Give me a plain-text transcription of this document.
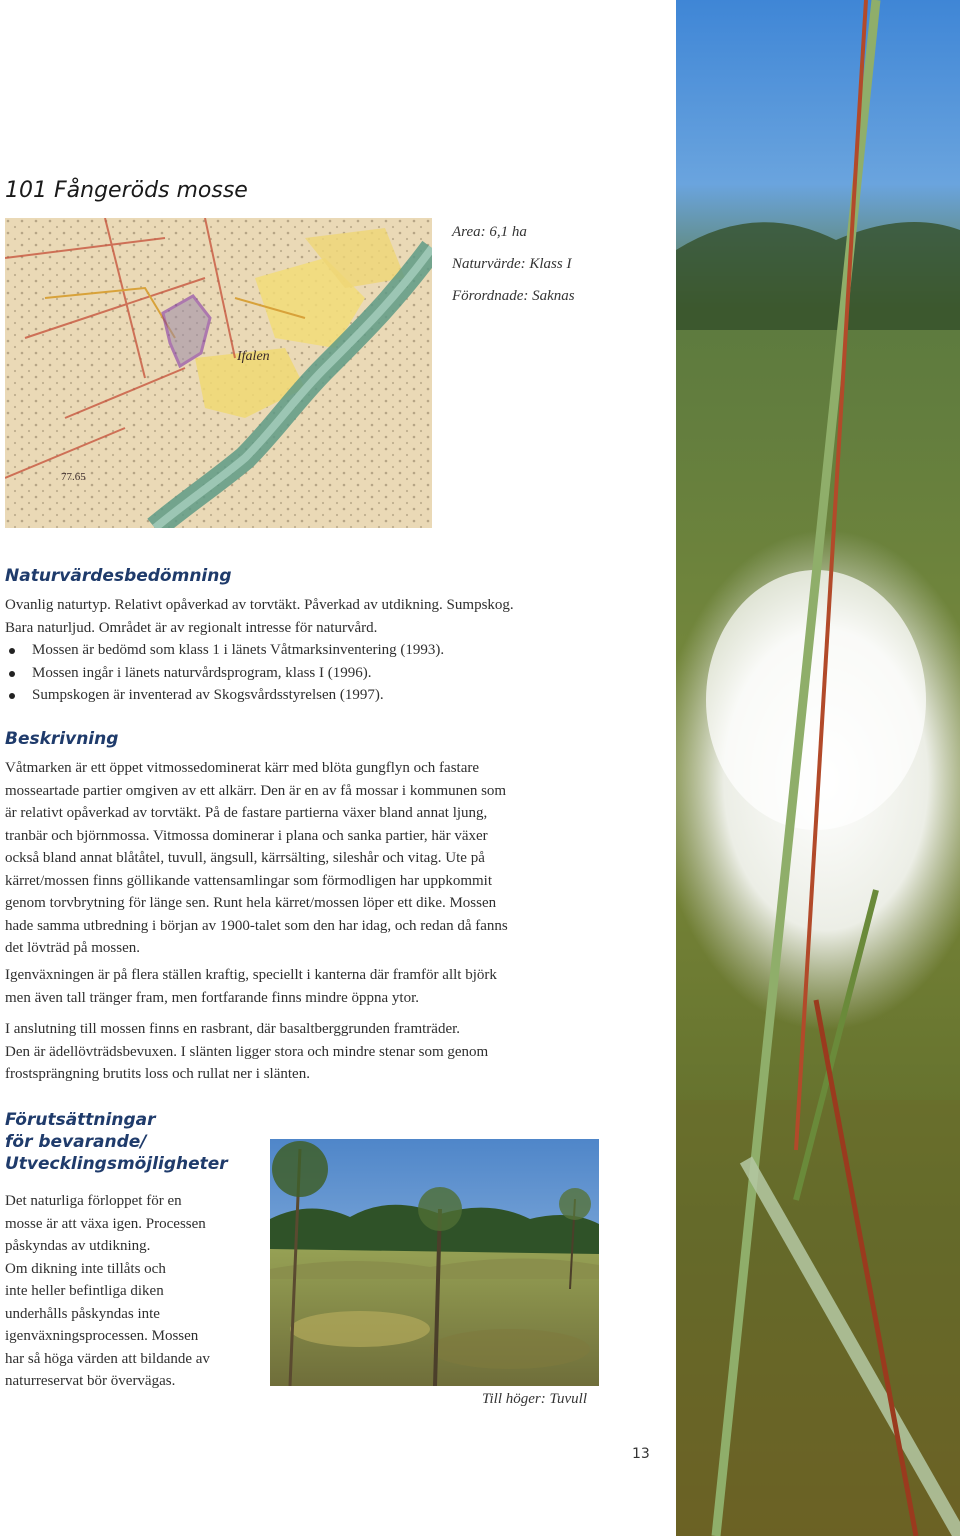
101 Fångeröds mosse
Area: 6,1 ha
Naturvärde: Klass I
Förordnade: Saknas
Ifalen
77.65
Naturvärdesbedömning
Ovanlig naturtyp. Relativt opåverkad av torvtäkt. Påverkad av utdikning. Sumpskog.
Bara naturljud. Området är av regionalt intresse för naturvård.
Mossen är bedömd som klass 1 i länets Våtmarksinventering (1993).
Mossen ingår i länets naturvårdsprogram, klass I (1996).
Sumpskogen är inventerad av Skogsvårdsstyrelsen (1997).
Beskrivning
Våtmarken är ett öppet vitmossedominerat kärr med blöta gungflyn och fastare
mosseartade partier omgiven av ett alkärr. Den är en av få mossar i kommunen som
är relativt opåverkad av torvtäkt. På de fastare partierna växer bland annat ljung,
tranbär och björnmossa. Vitmossa dominerar i plana och sanka partier, här växer
också bland annat blåtåtel, tuvull, ängsull, kärrsälting, sileshår och vitag. Ute på
kärret/mossen finns göllikande vattensamlingar som förmodligen har uppkommit
genom torvbrytning för länge sen. Runt hela kärret/mossen löper ett dike. Mossen
hade samma utbredning i början av 1900-talet som den har idag, och redan då fanns
det lövträd på mossen.
Igenväxningen är på flera ställen kraftig, speciellt i kanterna där framför allt björk
men även tall tränger fram, men fortfarande finns mindre öppna ytor.
I anslutning till mossen finns en rasbrant, där basaltberggrunden framträder.
Den är ädellövträdsbevuxen. I slänten ligger stora och mindre stenar som genom
frostsprängning brutits loss och rullat ner i slänten.
Förutsättningar
för bevarande/
Utvecklingsmöjligheter
Det naturliga förloppet för en
mosse är att växa igen. Processen
påskyndas av utdikning.
Om dikning inte tillåts och
inte heller befintliga diken
underhålls påskyndas inte
igenväxningsprocessen. Mossen
har så höga värden att bildande av
naturreservat bör övervägas.
Till höger: Tuvull
13
